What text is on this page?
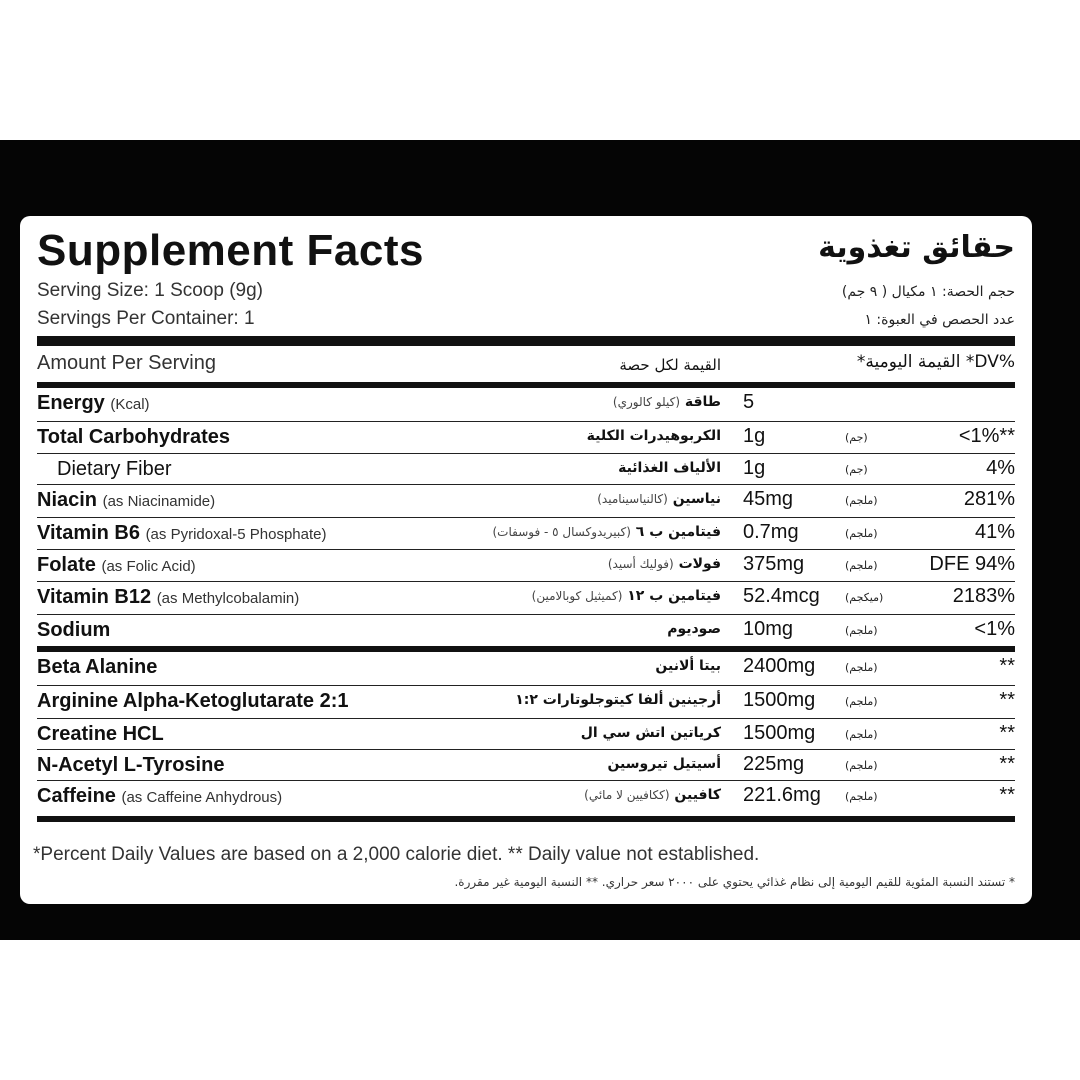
Supplement Facts	حقائق تغذوية
Serving Size: 1 Scoop (9g)
Servings Per Container: 1
حجم الحصة: ١ مكيال ( ٩ جم)
عدد الحصص في العبوة: ١
Amount Per Serving	القيمة لكل حصة	%DV* القيمة اليومية*
Energy (Kcal)	طاقة (كيلو كالوري)	5
Total Carbohydrates	الكربوهيدرات الكلية 1g	(جم)	<1%**
Dietary Fiber	الألياف الغذائية 1g	(جم)	4%
Niacin (as Niacinamide)	نياسين (كالنياسيناميد)	45mg	(ملجم)	281%
Vitamin B6 (as Pyridoxal-5 Phosphate)	فيتامين ب ٦ (كبيريدوكسال ٥ - فوسفات)	0.7mg	(ملجم)	41%
Folate (as Folic Acid)	فولات (فوليك أسيد)	375mg	(ملجم)	DFE 94%
Vitamin B12 (as Methylcobalamin)	فيتامين ب ١٢ (كميثيل كوبالامين)	52.4mcg (ميكجم)	2183%
Sodium	صوديوم 10mg	(ملجم)	<1%
Beta Alanine	بيتا ألانين 2400mg	(ملجم)	**
Arginine Alpha-Ketoglutarate 2:1	أرجينين ألفا كيتوجلوتارات ١:٢ 1500mg	(ملجم)	**
Creatine HCL	كرياتين اتش سي ال 1500mg	(ملجم)	**
N-Acetyl L-Tyrosine	أسيتيل تيروسين 225mg	(ملجم)	**
Caffeine (as Caffeine Anhydrous)	كافيين (ككافيين لا مائي)	221.6mg (ملجم)	**
*Percent Daily Values are based on a 2,000 calorie diet. ** Daily value not established.
* تستند النسبة المئوية للقيم اليومية إلى نظام غذائي يحتوي على ٢٠٠٠ سعر حراري. ** النسبة اليومية غير مقررة.
